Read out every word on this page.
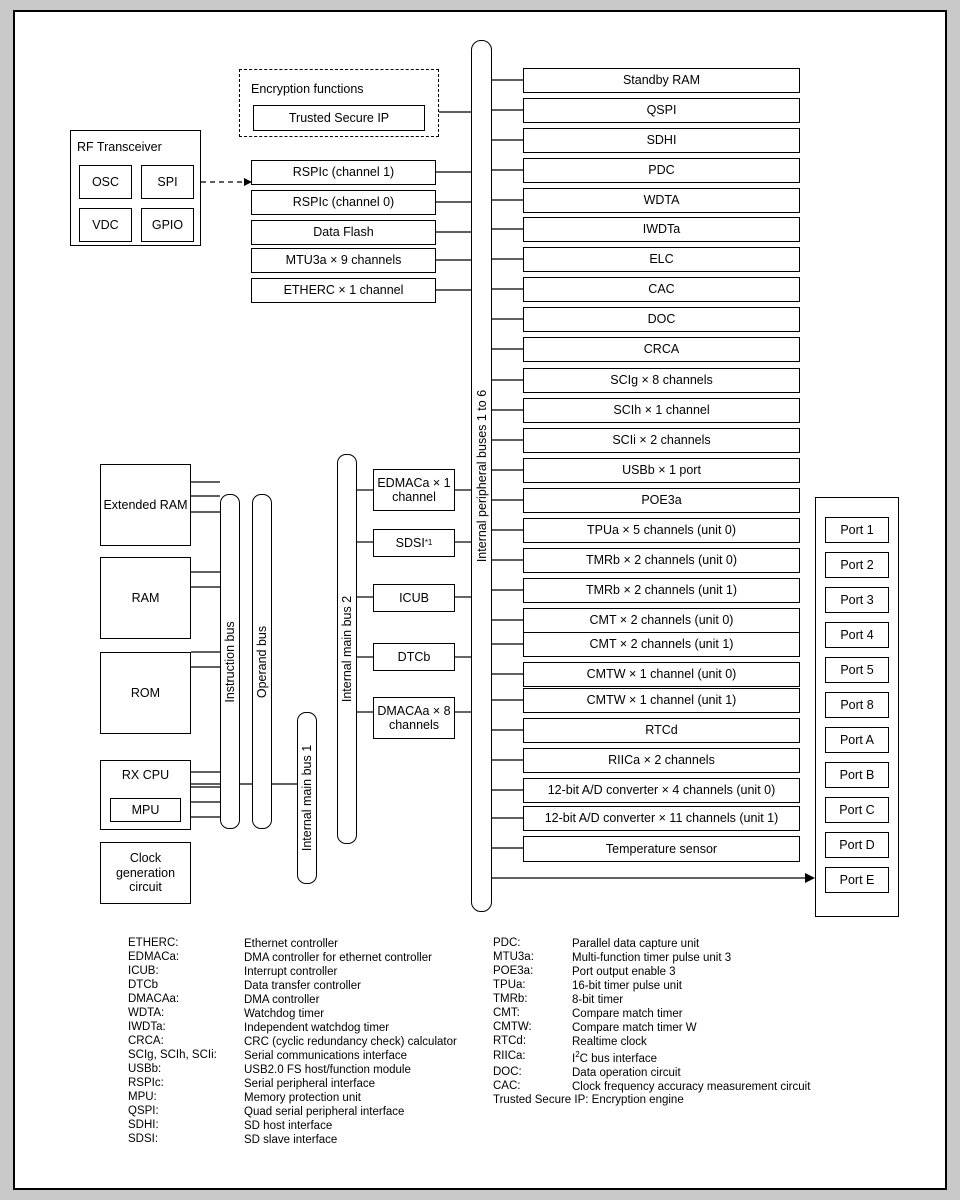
Encryption functions
Trusted Secure IP
RF Transceiver
OSC	SPI
VDC	GPIO
RSPIc (channel 1)
RSPIc (channel 0)
Data Flash
MTU3a × 9 channels
ETHERC × 1 channel
Internal peripheral buses 1 to 6
Standby RAM
QSPI
SDHI
PDC
WDTA
IWDTa
ELC
CAC
DOC
CRCA
SCIg × 8 channels
SCIh × 1 channel
SCIi × 2 channels
USBb × 1 port
POE3a
TPUa × 5 channels (unit 0)
TMRb × 2 channels (unit 0)
TMRb × 2 channels (unit 1)
CMT × 2 channels (unit 0)
CMT × 2 channels (unit 1)
CMTW × 1 channel (unit 0)
CMTW × 1 channel (unit 1)
RTCd
RIICa × 2 channels
12-bit A/D converter × 4 channels (unit 0)
12-bit A/D converter × 11 channels (unit 1)
Temperature sensor
Port 1
Port 2
Port 3
Port 4
Port 5
Port 8
Port A
Port B
Port C
Port D
Port E
Extended RAM
RAM
ROM
RX CPU
MPU
Clock generation circuit
Instruction bus Operand bus	Internal main bus 2
Internal main bus 1
EDMACa × 1 channel
SDSI *1
ICUB
DTCb
DMACAa × 8 channels
ETHERC:	Ethernet controller
EDMACa:	DMA controller for ethernet controller
ICUB:	Interrupt controller
DTCb	Data transfer controller
DMACAa:	DMA controller
WDTA:	Watchdog timer
IWDTa:	Independent watchdog timer
CRCA:	CRC (cyclic redundancy check) calculator
SCIg, SCIh, SCIi:	Serial communications interface
USBb:	USB2.0 FS host/function module
RSPIc:	Serial peripheral interface
MPU:	Memory protection unit
QSPI:	Quad serial peripheral interface
SDHI:	SD host interface
SDSI:	SD slave interface
PDC:	Parallel data capture unit
MTU3a:	Multi-function timer pulse unit 3
POE3a:	Port output enable 3
TPUa:	16-bit timer pulse unit
TMRb:	8-bit timer
CMT:	Compare match timer
CMTW:	Compare match timer W
RTCd:	Realtime clock
RIICa:	$I^2C$ bus interface
DOC:	Data operation circuit
CAC:	Clock frequency accuracy measurement circuit
Trusted Secure IP: Encryption engine	
